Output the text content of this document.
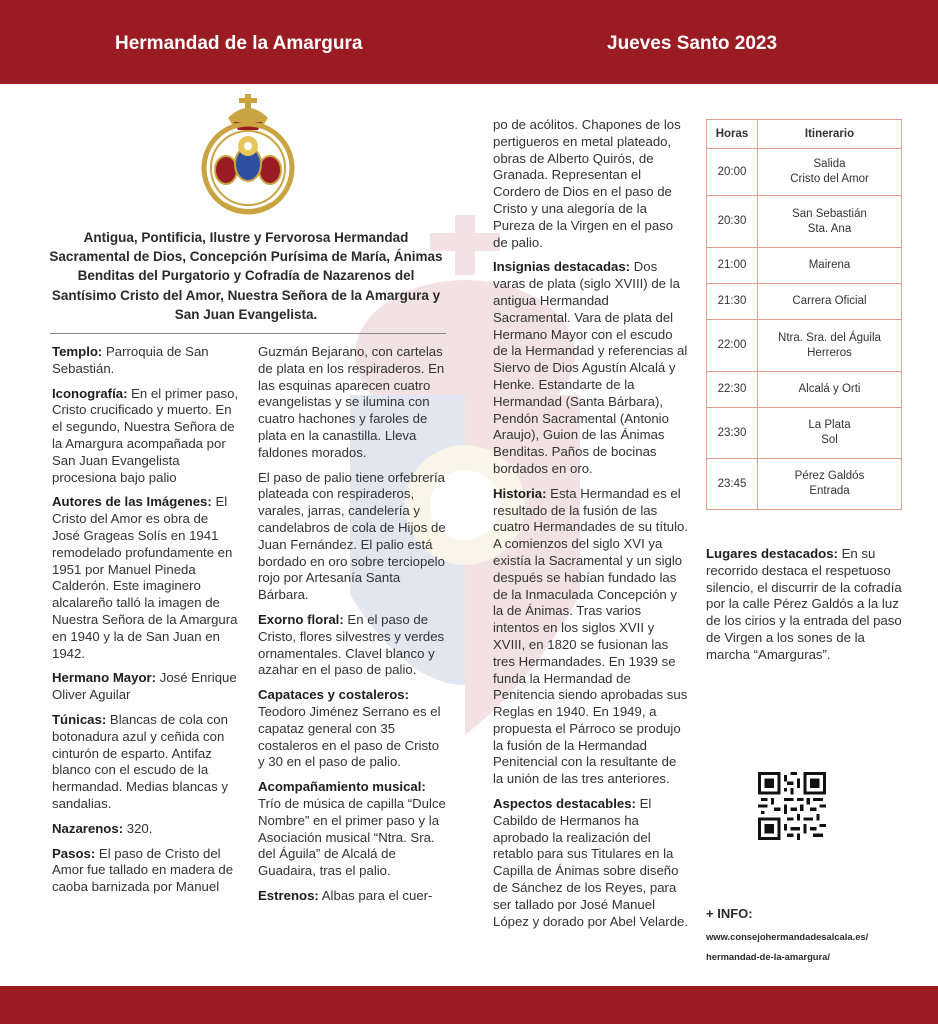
Hermandad de la Amargura	Jueves Santo 2023
Antigua, Pontificia, Ilustre y Fervorosa Hermandad Sacramental de Dios, Concepción Purísima de María, Ánimas Benditas del Purgatorio y Cofradía de Nazarenos del Santísimo Cristo del Amor, Nuestra Señora de la Amargura y San Juan Evangelista.

Templo: Parroquia de San Sebastián.

Iconografía: En el primer paso, Cristo crucificado y muerto. En el segundo, Nuestra Señora de la Amargura acompañada por San Juan Evangelista procesiona bajo palio

Autores de las Imágenes: El Cristo del Amor es obra de José Grageas Solís en 1941 remodelado profundamente en 1951 por Manuel Pineda Calderón. Este imaginero alcalareño talló la imagen de Nuestra Señora de la Amargura en 1940 y la de San Juan en 1942.

Hermano Mayor: José Enrique Oliver Aguilar

Túnicas: Blancas de cola con botonadura azul y ceñida con cinturón de esparto. Antifaz blanco con el escudo de la hermandad. Medias blancas y sandalias.

Nazarenos: 320.

Pasos: El paso de Cristo del Amor fue tallado en madera de caoba barnizada por Manuel

Guzmán Bejarano, con cartelas de plata en los respiraderos. En las esquinas aparecen cuatro evangelistas y se ilumina con cuatro hachones y faroles de plata en la canastilla. Lleva faldones morados.

El paso de palio tiene orfebrería plateada con respiraderos, varales, jarras, candelería y candelabros de cola de Hijos de Juan Fernández. El palio está bordado en oro sobre terciopelo rojo por Artesanía Santa Bárbara.

Exorno floral: En el paso de Cristo, flores silvestres y verdes ornamentales. Clavel blanco y azahar en el paso de palio.

Capataces y costaleros: Teodoro Jiménez Serrano es el capataz general con 35 costaleros en el paso de Cristo y 30 en el paso de palio.

Acompañamiento musical: Trío de música de capilla “Dulce Nombre” en el primer paso y la Asociación musical “Ntra. Sra. del Águila” de Alcalá de Guadaira, tras el palio.

Estrenos: Albas para el cuer-

po de acólitos. Chapones de los pertigueros en metal plateado, obras de Alberto Quirós, de Granada. Representan el Cordero de Dios en el paso de Cristo y una alegoría de la Pureza de la Virgen en el paso de palio.

Insignias destacadas: Dos varas de plata (siglo XVIII) de la antigua Hermandad Sacramental. Vara de plata del Hermano Mayor con el escudo de la Hermandad y referencias al Siervo de Dios Agustín Alcalá y Henke. Estandarte de la Hermandad (Santa Bárbara), Pendón Sacramental (Antonio Araujo), Guion de las Ánimas Benditas. Paños de bocinas bordados en oro.

Historia: Esta Hermandad es el resultado de la fusión de las cuatro Hermandades de su título. A comienzos del siglo XVI ya existía la Sacramental y un siglo después se habían fundado las de la Inmaculada Concepción y la de Ánimas. Tras varios intentos en los siglos XVII y XVIII, en 1820 se fusionan las tres Hermandades. En 1939 se funda la Hermandad de Penitencia siendo aprobadas sus Reglas en 1940. En 1949, a propuesta el Párroco se produjo la fusión de la Hermandad Penitencial con la resultante de la unión de las tres anteriores.

Aspectos destacables: El Cabildo de Hermanos ha aprobado la realización del retablo para sus Titulares en la Capilla de Ánimas sobre diseño de Sánchez de los Reyes, para ser tallado por José Manuel López y dorado por Abel Velarde.

Horas	Itinerario
20:00	Salida
Cristo del Amor

20:30	San Sebastián
Sta. Ana

21:00	Mairena
21:30	Carrera Oficial
22:00	Ntra. Sra. del Águila
Herreros

22:30	Alcalá y Orti
23:30	La Plata
Sol

23:45	Pérez Galdós
Entrada

Lugares destacados: En su recorrido destaca el respetuoso silencio, el discurrir de la cofradía por la calle Pérez Galdós a la luz de los cirios y la entrada del paso de Virgen a los sones de la marcha “Amarguras”.

+ INFO:
www.consejohermandadesalcala.es/
hermandad-de-la-amargura/
